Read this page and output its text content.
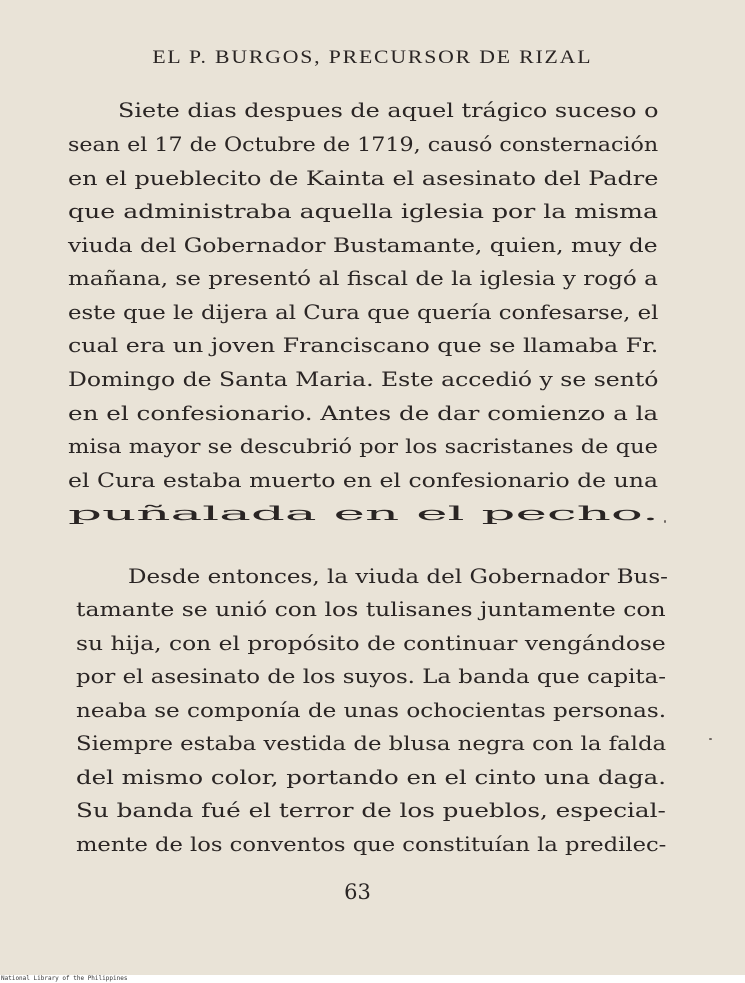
EL P. BURGOS, PRECURSOR DE RIZAL
Siete dias despues de aquel trágico suceso o
sean el 17 de Octubre de 1719, causó consternación
en el pueblecito de Kainta el asesinato del Padre
que administraba aquella iglesia por la misma
viuda del Gobernador Bustamante, quien, muy de
mañana, se presentó al fiscal de la iglesia y rogó a
este que le dijera al Cura que quería confesarse, el
cual era un joven Franciscano que se llamaba Fr.
Domingo de Santa Maria. Este accedió y se sentó
en el confesionario. Antes de dar comienzo a la
misa mayor se descubrió por los sacristanes de que
el Cura estaba muerto en el confesionario de una
puñalada en el pecho.
Desde entonces, la viuda del Gobernador Bus-
tamante se unió con los tulisanes juntamente con
su hija, con el propósito de continuar vengándose
por el asesinato de los suyos. La banda que capita-
neaba se componía de unas ochocientas personas.
Siempre estaba vestida de blusa negra con la falda
del mismo color, portando en el cinto una daga.
Su banda fué el terror de los pueblos, especial-
mente de los conventos que constituían la predilec-
63
National Library of the Philippines
